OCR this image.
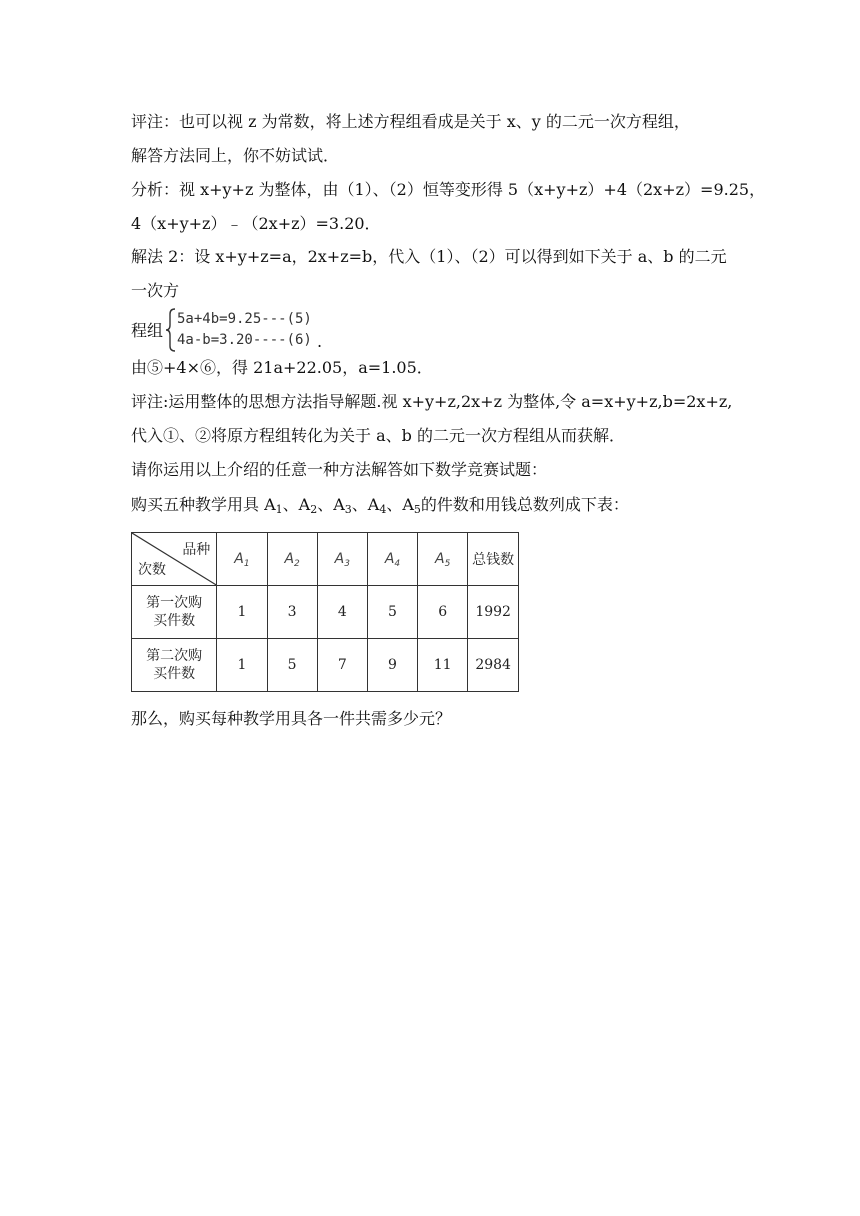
评注：也可以视 z 为常数，将上述方程组看成是关于 x、y 的二元一次方程组，
解答方法同上，你不妨试试．
分析：视 x+y+z 为整体，由（1）、（2）恒等变形得 5（x+y+z）+4（2x+z）=9.25，
4（x+y+z）﹣（2x+z）=3.20．
解法 2：设 x+y+z=a，2x+z=b，代入（1）、（2）可以得到如下关于 a、b 的二元
一次方
程组
5a+4b=9.25---(5)
4a-b=3.20----(6) .
由⑤+4×⑥，得 21a+22.05，a=1.05．
评注:运用整体的思想方法指导解题.视 x+y+z,2x+z 为整体,令 a=x+y+z,b=2x+z,
代入①、②将原方程组转化为关于 a、b 的二元一次方程组从而获解．
请你运用以上介绍的任意一种方法解答如下数学竞赛试题：
购买五种教学用具 $A_1$、$A_2$、$A_3$、$A_4$、$A_5$的件数和用钱总数列成下表：
品种
次数	$A_1$	$A_2$	$A_3$	$A_4$	$A_5$	总钱数

第一次购
买件数	1	3	4	5	6	1992

第二次购
买件数	1	5	7	9	11	2984
那么，购买每种教学用具各一件共需多少元？
